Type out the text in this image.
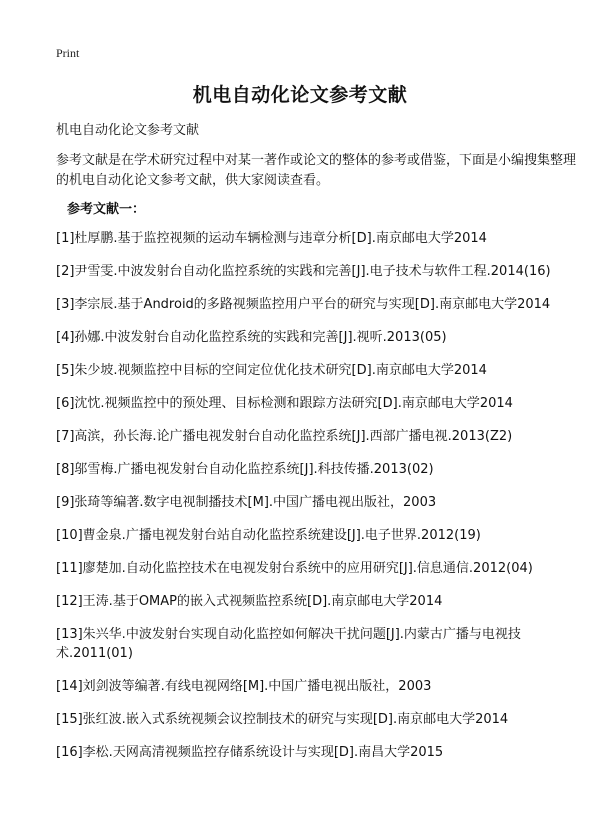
Print
机电自动化论文参考文献
机电自动化论文参考文献
参考文献是在学术研究过程中对某一著作或论文的整体的参考或借鉴，下面是小编搜集整理的机电自动化论文参考文献，供大家阅读查看。
参考文献一：
[1]杜厚鹏.基于监控视频的运动车辆检测与违章分析[D].南京邮电大学2014
[2]尹雪雯.中波发射台自动化监控系统的实践和完善[J].电子技术与软件工程.2014(16)
[3]李宗辰.基于Android的多路视频监控用户平台的研究与实现[D].南京邮电大学2014
[4]孙娜.中波发射台自动化监控系统的实践和完善[J].视听.2013(05)
[5]朱少坡.视频监控中目标的空间定位优化技术研究[D].南京邮电大学2014
[6]沈忱.视频监控中的预处理、目标检测和跟踪方法研究[D].南京邮电大学2014
[7]高滨，孙长海.论广播电视发射台自动化监控系统[J].西部广播电视.2013(Z2)
[8]邬雪梅.广播电视发射台自动化监控系统[J].科技传播.2013(02)
[9]张琦等编著.数字电视制播技术[M].中国广播电视出版社，2003
[10]曹金泉.广播电视发射台站自动化监控系统建设[J].电子世界.2012(19)
[11]廖楚加.自动化监控技术在电视发射台系统中的应用研究[J].信息通信.2012(04)
[12]王涛.基于OMAP的嵌入式视频监控系统[D].南京邮电大学2014
[13]朱兴华.中波发射台实现自动化监控如何解决干扰问题[J].内蒙古广播与电视技术.2011(01)
[14]刘剑波等编著.有线电视网络[M].中国广播电视出版社，2003
[15]张红波.嵌入式系统视频会议控制技术的研究与实现[D].南京邮电大学2014
[16]李松.天网高清视频监控存储系统设计与实现[D].南昌大学2015
